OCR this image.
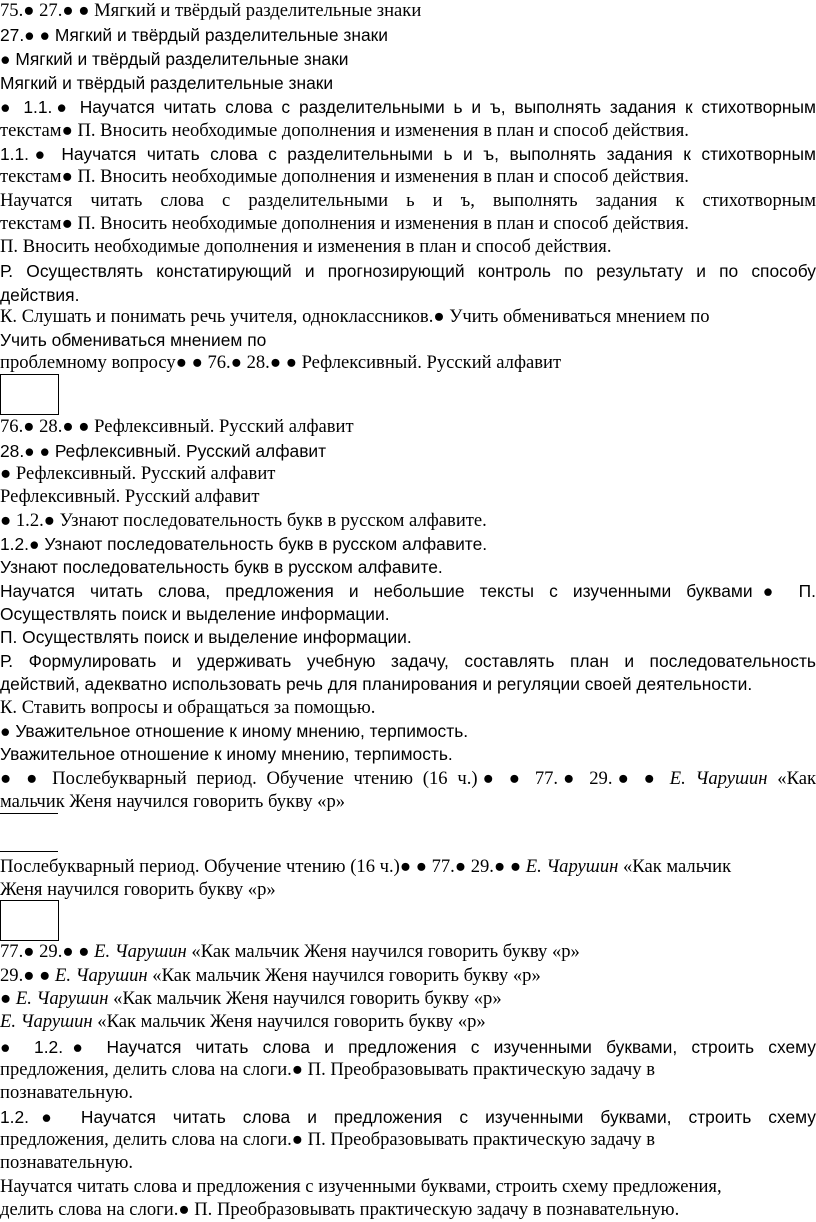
75.● 27.● ● Мягкий и твёрдый разделительные знаки
27.● ● Мягкий и твёрдый разделительные знаки
● Мягкий и твёрдый разделительные знаки
Мягкий и твёрдый разделительные знаки
● 1.1.● Научатся читать слова с разделительными ь и ъ, выполнять задания к стихотворным
текстам● П. Вносить необходимые дополнения и изменения в план и способ действия.
1.1.● Научатся читать слова с разделительными ь и ъ, выполнять задания к стихотворным
текстам● П. Вносить необходимые дополнения и изменения в план и способ действия.
Научатся читать слова с разделительными ь и ъ, выполнять задания к стихотворным
текстам● П. Вносить необходимые дополнения и изменения в план и способ действия.
П. Вносить необходимые дополнения и изменения в план и способ действия.
Р. Осуществлять констатирующий и прогнозирующий контроль по результату и по способу
действия.
К. Слушать и понимать речь учителя, одноклассников.● Учить обмениваться мнением по
Учить обмениваться мнением по
проблемному вопросу● ● 76.● 28.● ● Рефлексивный. Русский алфавит
76.● 28.● ● Рефлексивный. Русский алфавит
28.● ● Рефлексивный. Русский алфавит
● Рефлексивный. Русский алфавит
Рефлексивный. Русский алфавит
● 1.2.● Узнают последовательность букв в русском алфавите.
1.2.● Узнают последовательность букв в русском алфавите.
Узнают последовательность букв в русском алфавите.
Научатся читать слова, предложения и небольшие тексты с изученными буквами● П.
Осуществлять поиск и выделение информации.
П. Осуществлять поиск и выделение информации.
Р. Формулировать и удерживать учебную задачу, составлять план и последовательность
действий, адекватно использовать речь для планирования и регуляции своей деятельности.
К. Ставить вопросы и обращаться за помощью.
● Уважительное отношение к иному мнению, терпимость.
Уважительное отношение к иному мнению, терпимость.
● ● Послебукварный период. Обучение чтению (16 ч.)● ● 77.● 29.● ● Е. Чарушин «Как
мальчик Женя научился говорить букву «р»
Послебукварный период. Обучение чтению (16 ч.)● ● 77.● 29.● ● Е. Чарушин «Как мальчик
Женя научился говорить букву «р»
77.● 29.● ● Е. Чарушин «Как мальчик Женя научился говорить букву «р»
29.● ● Е. Чарушин «Как мальчик Женя научился говорить букву «р»
● Е. Чарушин «Как мальчик Женя научился говорить букву «р»
Е. Чарушин «Как мальчик Женя научился говорить букву «р»
● 1.2.● Научатся читать слова и предложения с изученными буквами, строить схему
предложения, делить слова на слоги.● П. Преобразовывать практическую задачу в
познавательную.
1.2.● Научатся читать слова и предложения с изученными буквами, строить схему
предложения, делить слова на слоги.● П. Преобразовывать практическую задачу в
познавательную.
Научатся читать слова и предложения с изученными буквами, строить схему предложения,
делить слова на слоги.● П. Преобразовывать практическую задачу в познавательную.
